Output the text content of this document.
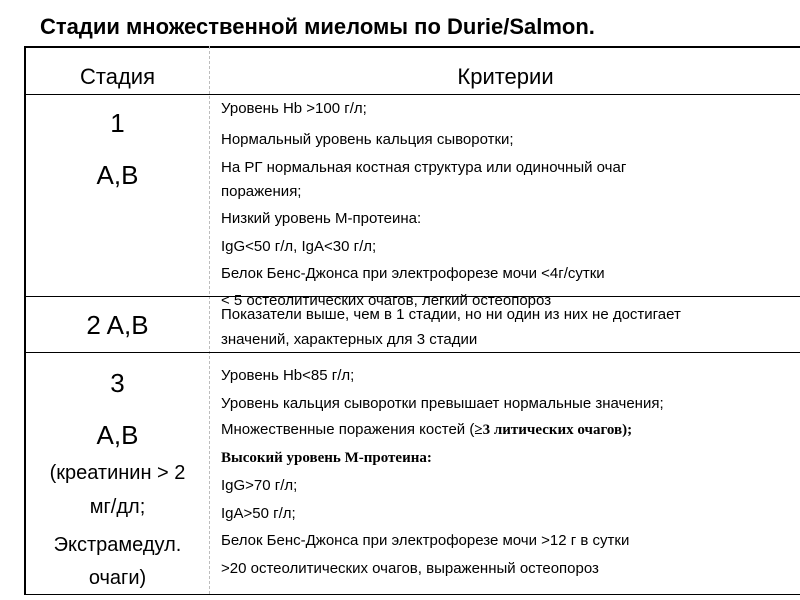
Стадии множественной миеломы по Durie/Salmon.
Стадия	Критерии
1
A,B
Уровень Hb >100 г/л;
Нормальный уровень кальция сыворотки;
На РГ нормальная костная структура или одиночный очаг
поражения;
Низкий уровень М-протеина:
IgG<50 г/л, IgA<30 г/л;
Белок Бенс-Джонса при электрофорезе мочи <4г/сутки
< 5 остеолитических очагов, легкий остеопороз
2 A,B	Показатели выше, чем в 1 стадии, но ни один из них не достигает
значений, характерных для 3 стадии
3
A,B
(креатинин > 2
мг/дл;
Экстрамедул.
очаги)
Уровень Hb<85 г/л;
Уровень кальция сыворотки превышает нормальные значения;
Множественные поражения костей (≥3 литических очагов);
Высокий уровень М-протеина:
IgG>70 г/л;
IgA>50 г/л;
Белок Бенс-Джонса при электрофорезе мочи >12 г в сутки
>20 остеолитических очагов, выраженный остеопороз
